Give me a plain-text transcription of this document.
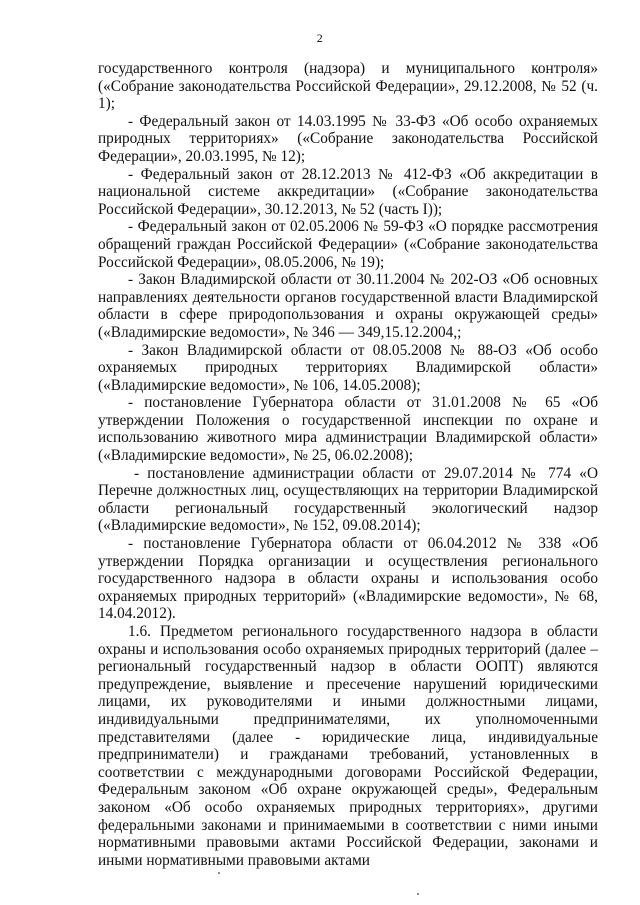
2

государственного контроля (надзора) и муниципального контроля» («Собрание законодательства Российской Федерации», 29.12.2008, № 52 (ч. 1);

- Федеральный закон от 14.03.1995 № 33-ФЗ «Об особо охраняемых природных территориях» («Собрание законодательства Российской Федерации», 20.03.1995, № 12);

- Федеральный закон от 28.12.2013 № 412-ФЗ «Об аккредитации в национальной системе аккредитации» («Собрание законодательства Российской Федерации», 30.12.2013, № 52 (часть I));

- Федеральный закон от 02.05.2006 № 59-ФЗ «О порядке рассмотрения обращений граждан Российской Федерации» («Собрание законодательства Российской Федерации», 08.05.2006, № 19);

- Закон Владимирской области от 30.11.2004 № 202-ОЗ «Об основных направлениях деятельности органов государственной власти Владимирской области в сфере природопользования и охраны окружающей среды» («Владимирские ведомости», № 346 — 349,15.12.2004,;

- Закон Владимирской области от 08.05.2008 № 88-ОЗ «Об особо охраняемых природных территориях Владимирской области» («Владимирские ведомости», № 106, 14.05.2008);

- постановление Губернатора области от 31.01.2008 № 65 «Об утверждении Положения о государственной инспекции по охране и использованию животного мира администрации Владимирской области» («Владимирские ведомости», № 25, 06.02.2008);

- постановление администрации области от 29.07.2014 № 774 «О Перечне должностных лиц, осуществляющих на территории Владимирской области региональный государственный экологический надзор («Владимирские ведомости», № 152, 09.08.2014);

- постановление Губернатора области от 06.04.2012 № 338 «Об утверждении Порядка организации и осуществления регионального государственного надзора в области охраны и использования особо охраняемых природных территорий» («Владимирские ведомости», № 68, 14.04.2012).

1.6. Предметом регионального государственного надзора в области охраны и использования особо охраняемых природных территорий (далее – региональный государственный надзор в области ООПТ) являются предупреждение, выявление и пресечение нарушений юридическими лицами, их руководителями и иными должностными лицами, индивидуальными предпринимателями, их уполномоченными представителями (далее - юридические лица, индивидуальные предприниматели) и гражданами требований, установленных в соответствии с международными договорами Российской Федерации, Федеральным законом «Об охране окружающей среды», Федеральным законом «Об особо охраняемых природных территориях», другими федеральными законами и принимаемыми в соответствии с ними иными нормативными правовыми актами Российской Федерации, законами и иными нормативными правовыми актами
